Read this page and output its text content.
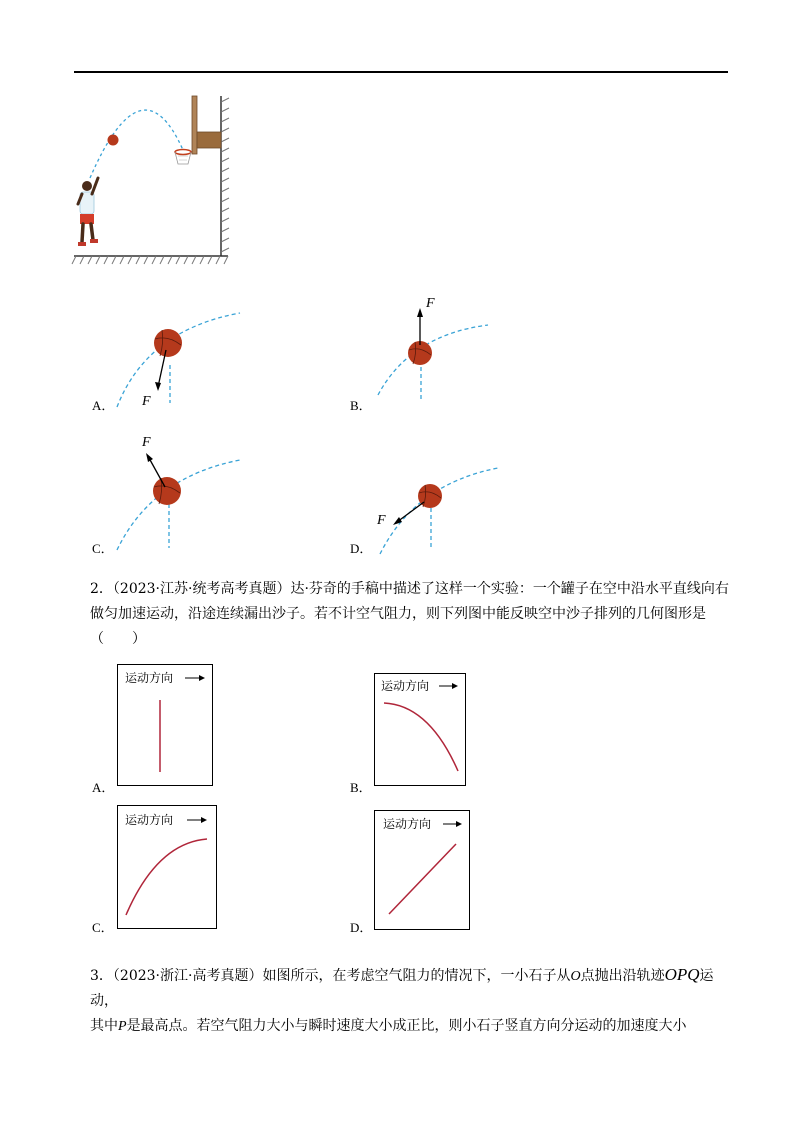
F
A．
F
B．
F
C．
F
D．
2．（2023·江苏·统考高考真题）达·芬奇的手稿中描述了这样一个实验：一个罐子在空中沿水平直线向右做匀加速运动，沿途连续漏出沙子。若不计空气阻力，则下列图中能反映空中沙子排列的几何图形是（　　）
运动方向
A．
运动方向
B．
运动方向
C．
运动方向
D．
3．（2023·浙江·高考真题）如图所示，在考虑空气阻力的情况下，一小石子从O点抛出沿轨迹OPQ运动，
其中P是最高点。若空气阻力大小与瞬时速度大小成正比，则小石子竖直方向分运动的加速度大小
